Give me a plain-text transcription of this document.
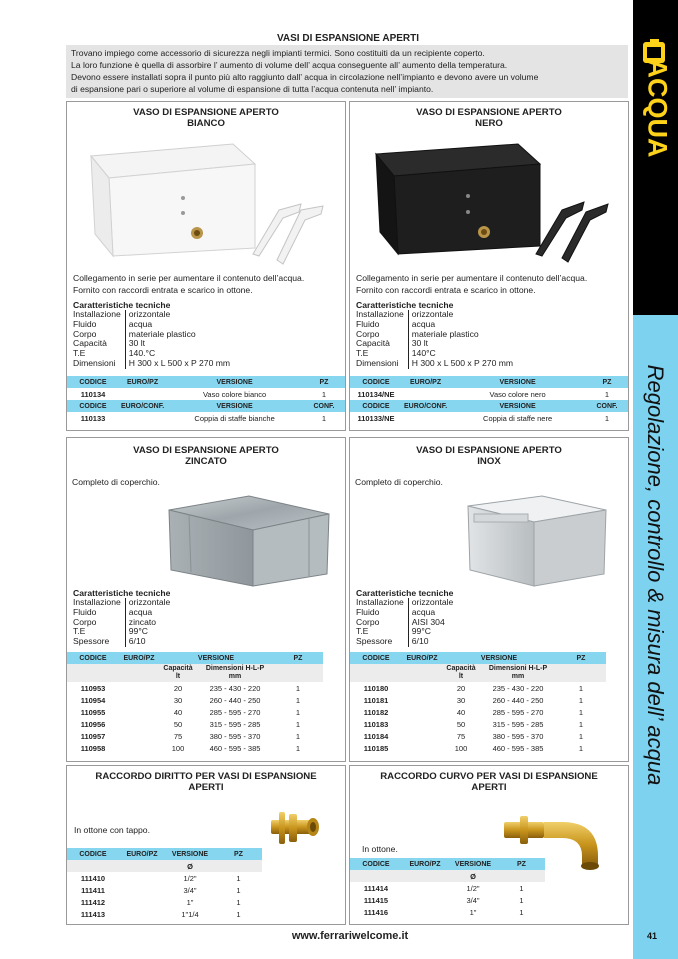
VASI DI ESPANSIONE APERTI
Trovano impiego come accessorio di sicurezza negli impianti termici. Sono costituiti da un recipiente coperto.
La loro funzione è quella di assorbire l’ aumento di volume dell’ acqua conseguente all’ aumento della temperatura.
Devono essere installati sopra il punto più alto raggiunto dall’ acqua in circolazione nell’impianto e devono avere un volume
di espansione pari o superiore al volume di espansione di tutta l’acqua contenuta nell’ impianto.
VASO DI ESPANSIONE APERTO
BIANCO
Collegamento in serie per aumentare il contenuto dell’acqua.
Fornito con raccordi entrata e scarico in ottone.
Caratteristiche tecniche
Installazione	orizzontale
Fluido	acqua
Corpo	materiale plastico
Capacità	30 lt
T.E	140.°C
Dimensioni	H 300 x L 500 x P 270 mm
CODICE	EURO/PZ	VERSIONE	PZ
110134		Vaso colore bianco	1
CODICE	EURO/CONF.	VERSIONE	CONF.
110133		Coppia di staffe bianche	1
VASO DI ESPANSIONE APERTO
NERO
Collegamento in serie per aumentare il contenuto dell’acqua.
Fornito con raccordi entrata e scarico in ottone.
Caratteristiche tecniche
Installazione	orizzontale
Fluido	acqua
Corpo	materiale plastico
Capacità	30 lt
T.E	140°C
Dimensioni	H 300 x L 500 x P 270 mm
CODICE	EURO/PZ	VERSIONE	PZ
110134/NE		Vaso colore nero	1
CODICE	EURO/CONF.	VERSIONE	CONF.
110133/NE		Coppia di staffe nere	1
VASO DI ESPANSIONE APERTO
ZINCATO
Completo di coperchio.
Caratteristiche tecniche
Installazione	orizzontale
Fluido	acqua
Corpo	zincato
T.E	99°C
Spessore	6/10
CODICE	EURO/PZ	VERSIONE		PZ
		Capacità lt	Dimensioni H-L-P mm	
110953		20	235 - 430 - 220	1
110954		30	260 - 440 - 250	1
110955		40	285 - 595 - 270	1
110956		50	315 - 595 - 285	1
110957		75	380 - 595 - 370	1
110958		100	460 - 595 - 385	1
VASO DI ESPANSIONE APERTO
INOX
Completo di coperchio.
Caratteristiche tecniche
Installazione	orizzontale
Fluido	acqua
Corpo	AISI 304
T.E	99°C
Spessore	6/10
CODICE	EURO/PZ	VERSIONE		PZ
		Capacità lt	Dimensioni H-L-P mm	
110180		20	235 - 430 - 220	1
110181		30	260 - 440 - 250	1
110182		40	285 - 595 - 270	1
110183		50	315 - 595 - 285	1
110184		75	380 - 595 - 370	1
110185		100	460 - 595 - 385	1
RACCORDO DIRITTO PER VASI DI ESPANSIONE
APERTI
In ottone con tappo.
CODICE	EURO/PZ	VERSIONE	PZ
		Ø	
111410		1/2"	1
111411		3/4"	1
111412		1"	1
111413		1"1/4	1
RACCORDO CURVO PER VASI DI ESPANSIONE
APERTI
In ottone.
CODICE	EURO/PZ	VERSIONE	PZ
		Ø	
111414		1/2"	1
111415		3/4"	1
111416		1"	1
www.ferrariwelcome.it
ACQUA
Regolazione, controllo & misura dell’ acqua
41
